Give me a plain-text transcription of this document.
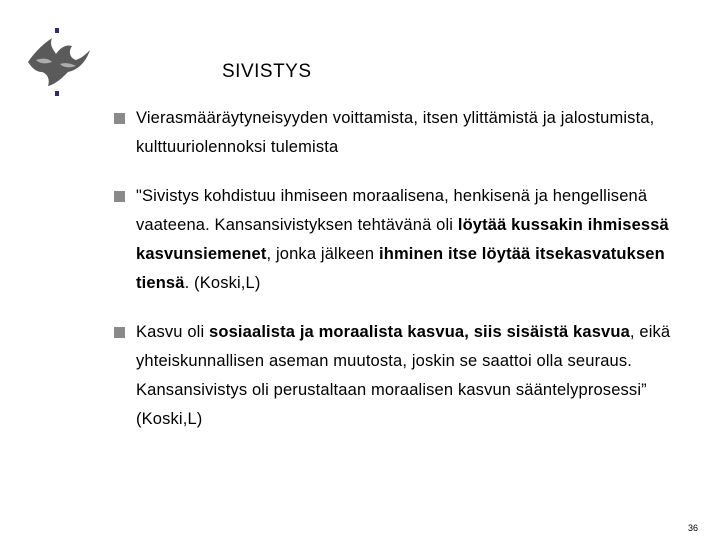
SIVISTYS
Vierasmääräytyneisyyden voittamista, itsen ylittämistä ja jalostumista, kulttuuriolennoksi tulemista
"Sivistys kohdistuu ihmiseen moraalisena, henkisenä ja hengellisenä vaateena. Kansansivistyksen tehtävänä oli löytää kussakin ihmisessä kasvunsiemenet, jonka jälkeen ihminen itse löytää itsekasvatuksen tiensä. (Koski,L)
Kasvu oli sosiaalista ja moraalista kasvua, siis sisäistä kasvua, eikä yhteiskunnallisen aseman muutosta, joskin se saattoi olla seuraus. Kansansivistys oli perustaltaan moraalisen kasvun sääntelyprosessi” (Koski,L)
36
